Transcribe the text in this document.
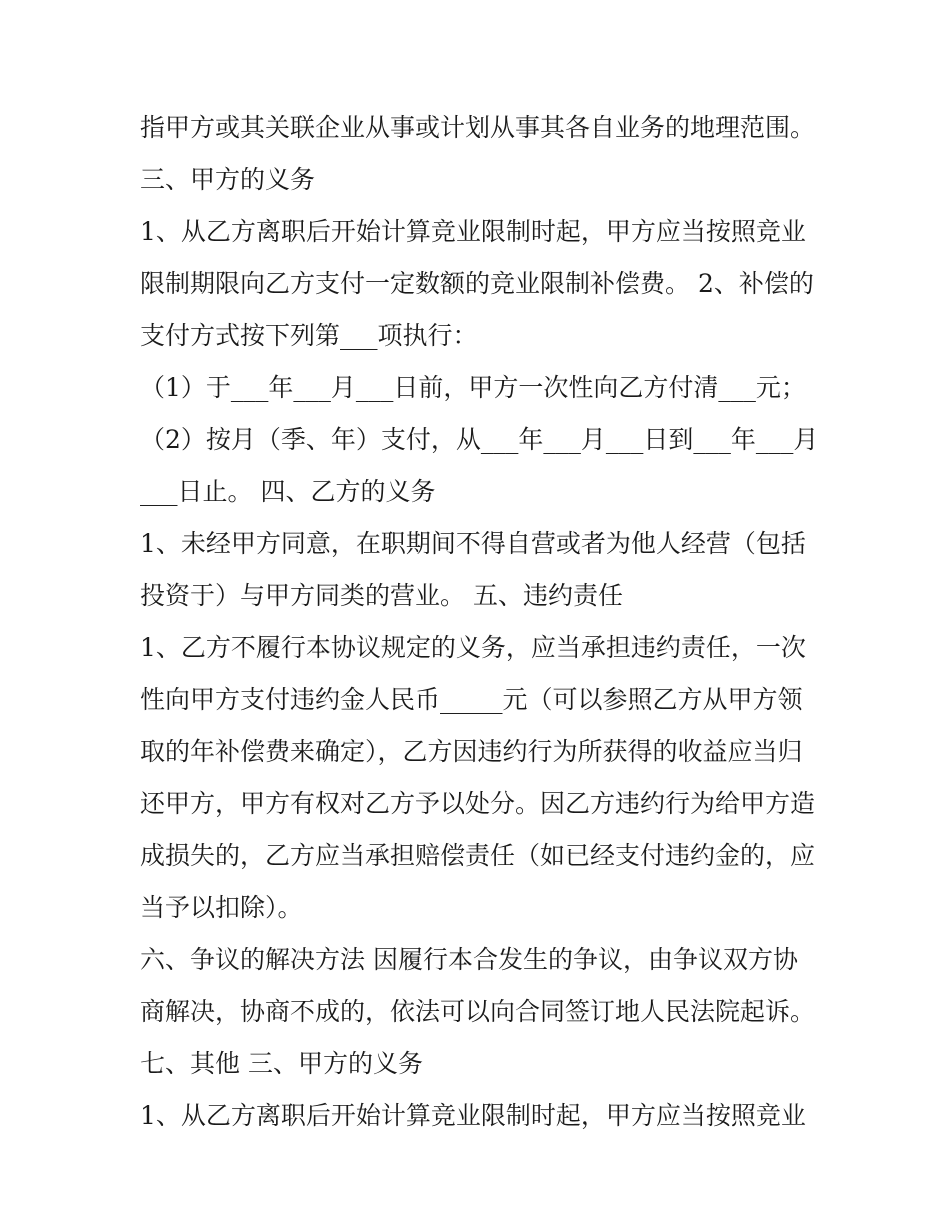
指甲方或其关联企业从事或计划从事其各自业务的地理范围。
三、甲方的义务
1、从乙方离职后开始计算竞业限制时起，甲方应当按照竞业
限制期限向乙方支付一定数额的竞业限制补偿费。 2、补偿的
支付方式按下列第___项执行：
（1）于___年___月___日前，甲方一次性向乙方付清___元；
（2）按月（季、年）支付，从___年___月___日到___年___月
___日止。 四、乙方的义务
1、未经甲方同意，在职期间不得自营或者为他人经营（包括
投资于）与甲方同类的营业。 五、违约责任
1、乙方不履行本协议规定的义务，应当承担违约责任，一次
性向甲方支付违约金人民币_____元（可以参照乙方从甲方领
取的年补偿费来确定），乙方因违约行为所获得的收益应当归
还甲方，甲方有权对乙方予以处分。因乙方违约行为给甲方造
成损失的，乙方应当承担赔偿责任（如已经支付违约金的，应
当予以扣除）。
六、争议的解决方法 因履行本合发生的争议，由争议双方协
商解决，协商不成的，依法可以向合同签订地人民法院起诉。
七、其他 三、甲方的义务
1、从乙方离职后开始计算竞业限制时起，甲方应当按照竞业
